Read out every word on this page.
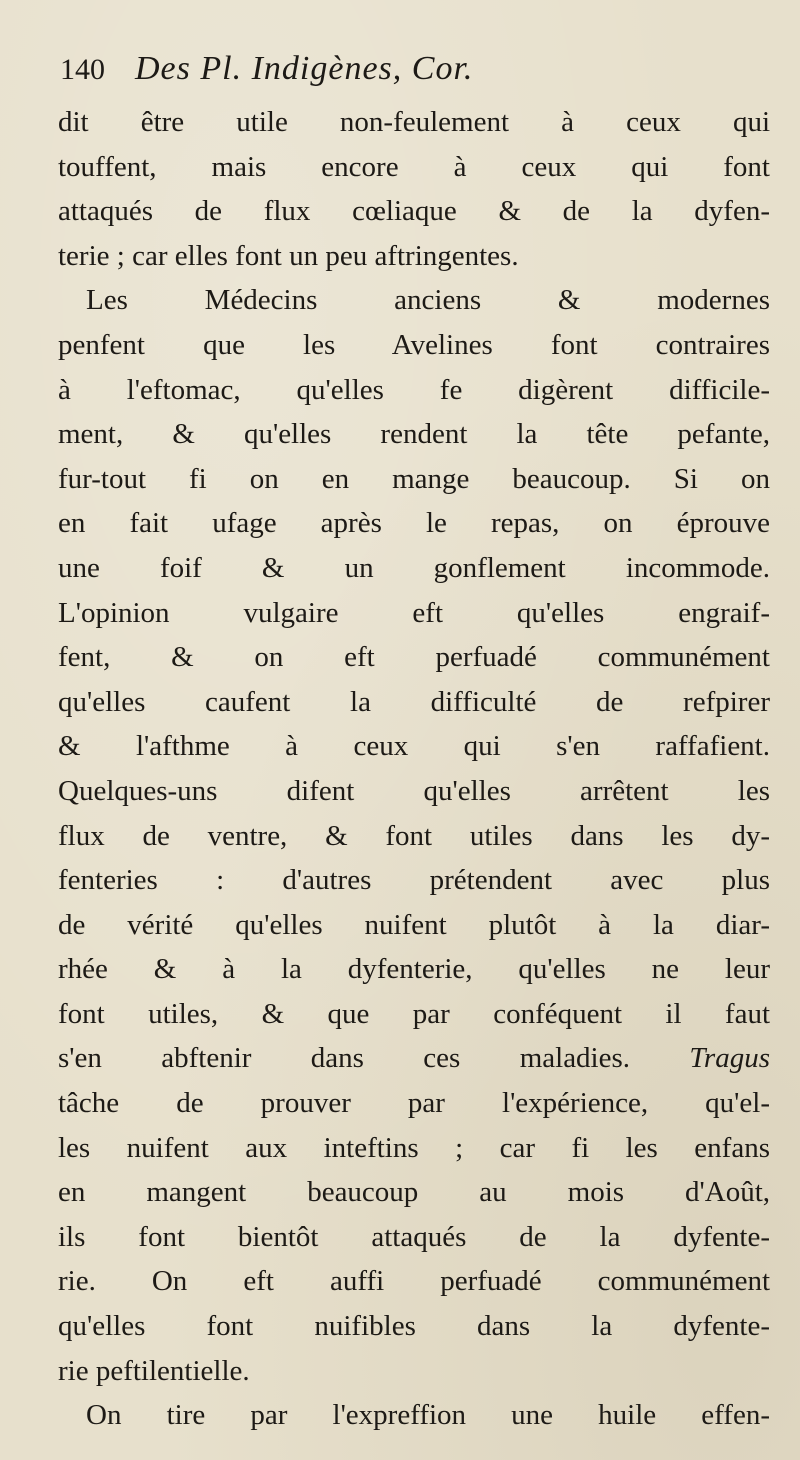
140 Des Pl. Indigènes, Cor.
dit être utile non-feulement à ceux qui
touffent, mais encore à ceux qui font
attaqués de flux cœliaque & de la dyfen-
terie ; car elles font un peu aftringentes.
Les Médecins anciens & modernes
penfent que les Avelines font contraires
à l'eftomac, qu'elles fe digèrent difficile-
ment, & qu'elles rendent la tête pefante,
fur-tout fi on en mange beaucoup. Si on
en fait ufage après le repas, on éprouve
une foif & un gonflement incommode.
L'opinion vulgaire eft qu'elles engraif-
fent, & on eft perfuadé communément
qu'elles caufent la difficulté de refpirer
& l'afthme à ceux qui s'en raffafient.
Quelques-uns difent qu'elles arrêtent les
flux de ventre, & font utiles dans les dy-
fenteries : d'autres prétendent avec plus
de vérité qu'elles nuifent plutôt à la diar-
rhée & à la dyfenterie, qu'elles ne leur
font utiles, & que par conféquent il faut
s'en abftenir dans ces maladies. Tragus
tâche de prouver par l'expérience, qu'el-
les nuifent aux inteftins ; car fi les enfans
en mangent beaucoup au mois d'Août,
ils font bientôt attaqués de la dyfente-
rie. On eft auffi perfuadé communément
qu'elles font nuifibles dans la dyfente-
rie peftilentielle.
On tire par l'expreffion une huile effen-
